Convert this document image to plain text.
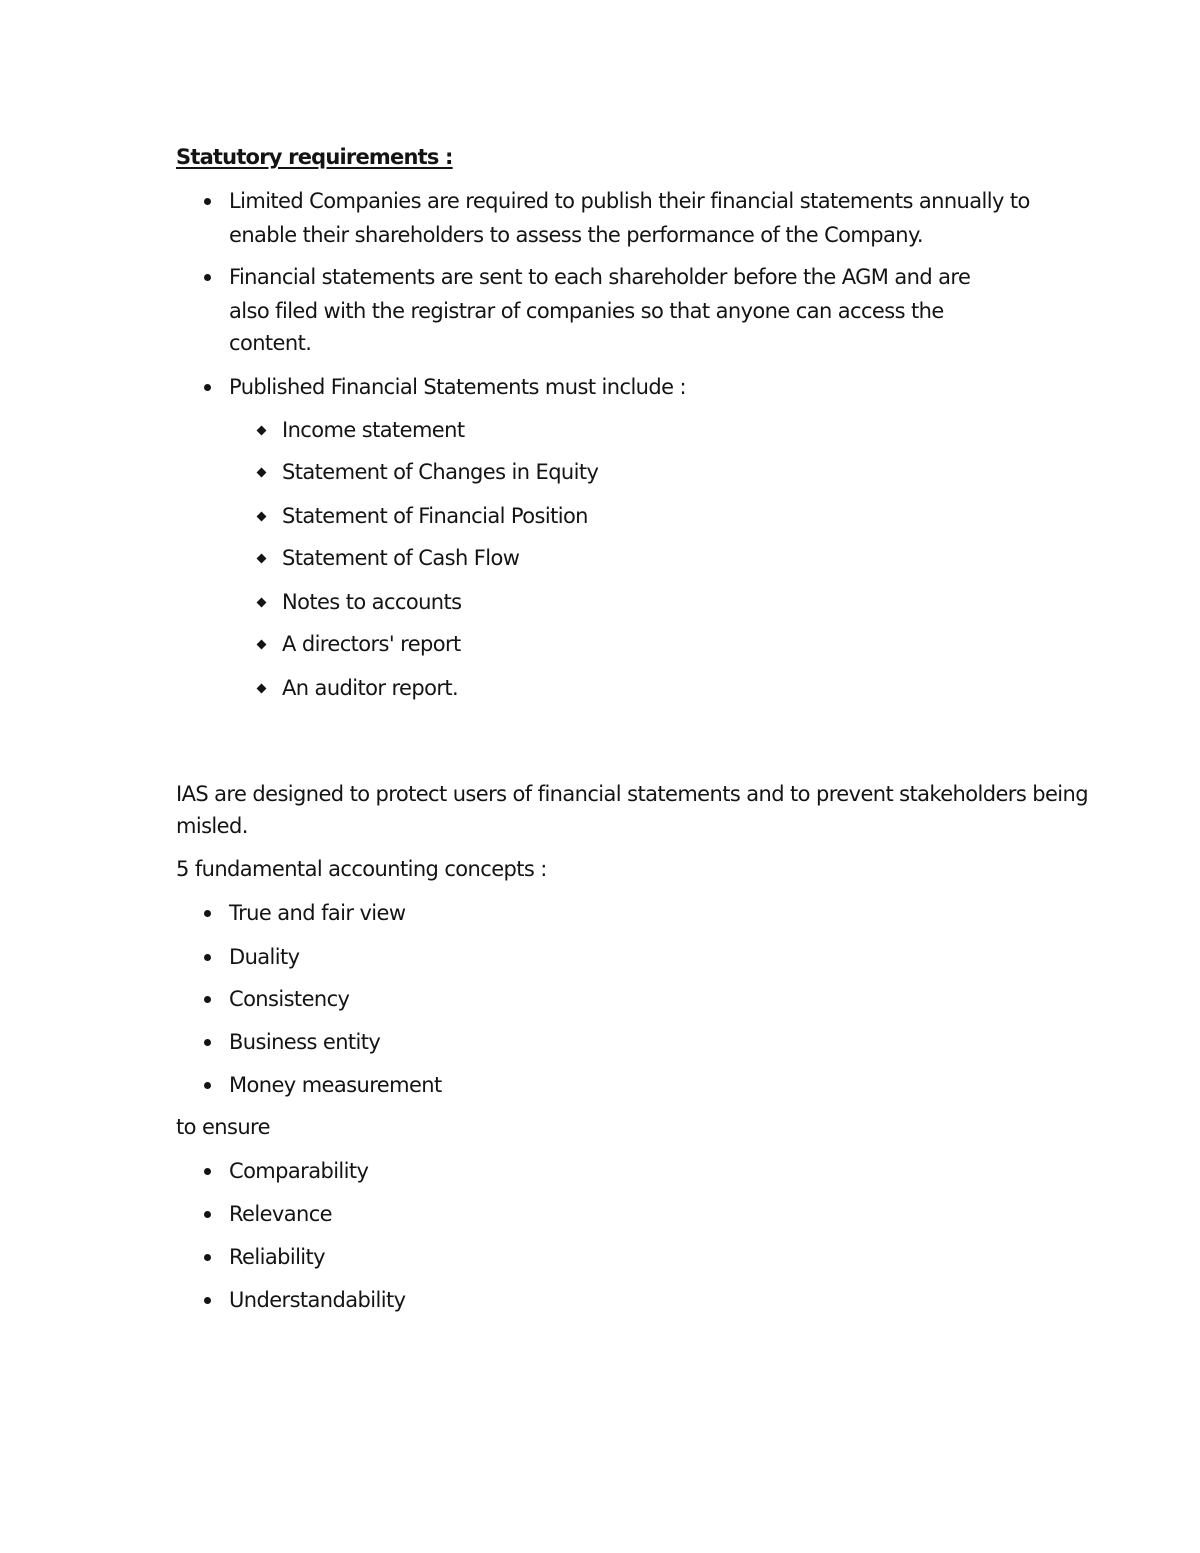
Statutory requirements :
Limited Companies are required to publish their financial statements annually to
enable their shareholders to assess the performance of the Company.
Financial statements are sent to each shareholder before the AGM and are
also filed with the registrar of companies so that anyone can access the
content.
Published Financial Statements must include :
Income statement
Statement of Changes in Equity
Statement of Financial Position
Statement of Cash Flow
Notes to accounts
A directors' report
An auditor report.
IAS are designed to protect users of financial statements and to prevent stakeholders being
misled.
5 fundamental accounting concepts :
True and fair view
Duality
Consistency
Business entity
Money measurement
to ensure
Comparability
Relevance
Reliability
Understandability
